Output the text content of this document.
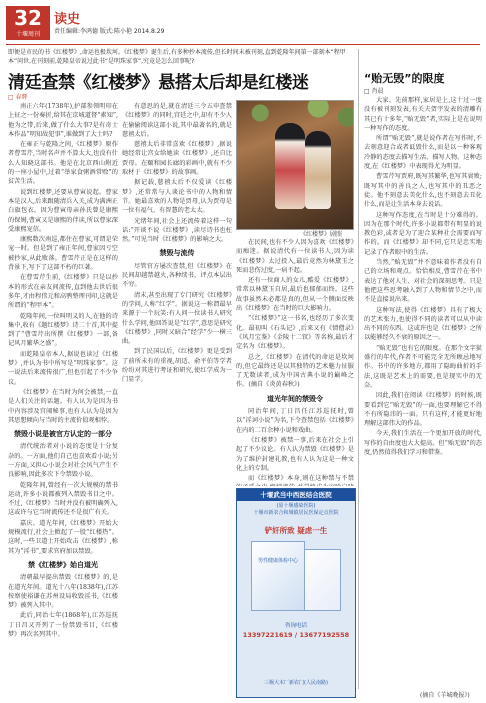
32
十堰周刊
读史
责任编辑:李鸿德 版式:陈小艳 2014.8.29
即便是市民的书《红楼梦》,命运也极坎坷。《红楼梦》诞生后,有多种抄本流传,但长时间未被刊刻,直到乾隆年间第一部刻本“程甲本”问世,在刊刻前,乾隆皇帝说过此书“是明珠家事”,究竟是怎么回事呢?
清廷查禁《红楼梦》悬搭太后却是红楼迷
□ 春辉

南正六年(1738年),护部参领明印在上征之一份奏折,给其在京城道督“素知”,他为之带,后来,做了什么大事?是有奇士本作品“明知故犯事”,谁做到了大士吗?

在雍正与乾隆之间,《红楼梦》原作者曹雪芹,当时名声并不算太大,也没有什么人知晓这部书。他是在北京西山附近的一座小屋中,过着“举家食粥酒常赊”的贫苦生活。

说到红楼梦,还要从曹寅说起。曹家本是汉人,后来跟随清兵入关,成为满洲正白旗包衣。因为曹寅母亲孙氏曾是康熙的保姆,曹寅又是康熙的伴读,所以曹家深受康熙宠信。

康熙数次南巡,都住在曹家,可谓是荣宠一时。但是到了雍正年间,曹家因亏空被抄家,从此败落。曹雪芹正是在这样的背景下,写下了这部不朽的巨著。

在曹雪芹生前,《红楼梦》只是以抄本的形式在亲友间流传,直到他去世后很多年,才由程伟元和高鹗整理刊印,这就是所谓的“程甲本”。

乾隆年间,一位叫明义的人,在他的诗集中,收有《题红楼梦》诗二十首,其中提到了“曹雪芹出所撰《红楼梦》一部,备记风月繁华之盛”。

而乾隆皇帝本人,据说也读过《红楼梦》,并认为书中所写是“明珠家事”。这一说法后来流传很广,但也引起了不少争议。

《红楼梦》在当时为何会被禁,一直是人们关注的话题。有人认为是因为书中内容涉及宫闱秘事,也有人认为是因为其思想倾向与当时的主流价值观相悖。

禁毁小说是被官方认定的一部分

清代统治者对小说的态度是十分复杂的。一方面,他们自己也喜欢看小说;另一方面,又担心小说会对社会风气产生不良影响,因此多次下令禁毁小说。

乾隆年间,曾经有一次大规模的禁书运动,许多小说都被列入禁毁书目之中。不过,《红楼梦》当时并没有被明确列入,这或许与它当时流传还不是很广有关。

嘉庆、道光年间,《红楼梦》开始大规模流行,社会上掀起了一股“红楼热”。这时,一些卫道士开始攻击《红楼梦》,称其为“淫书”,要求官府加以禁毁。

禁《红楼梦》始自道光

清朝最早提出禁毁《红楼梦》的,是在道光年间。道光十八年(1838年),江苏按察使裕谦在苏州设局收毁淫书,《红楼梦》被列入其中。

此后,同治七年(1868年),江苏巡抚丁日昌又开列了一份禁毁书目,《红楼梦》再次名列其中。

有意思的是,就在清廷三令五申查禁《红楼梦》的同时,宫廷之中,却有不少人在偷偷阅读这部小说,其中最著名的,就是慈禧太后。

慈禧太后非常喜欢《红楼梦》,据说她经常让宫女给她读《红楼梦》,还自比贾母。在颐和园长廊的彩画中,就有不少取材于《红楼梦》的故事画。

据记载,慈禧太后不仅爱读《红楼梦》,还常常与人谈论书中的人物和情节。她最喜欢的人物是贾母,认为贾母是一位有福气、有智慧的老太太。

光绪年间,社会上还流传着这样一句话:“开谈不说《红楼梦》,读尽诗书也枉然。”可见当时《红楼梦》的影响之大。

禁毁与流传

尽管官方屡次查禁,但《红楼梦》在民间却越禁越火,各种续书、评点本层出不穷。

清末,甚至出现了专门研究《红楼梦》的学问,人称“红学”。据说这一称谓最早来源于一个玩笑:有人问一位读书人研究什么学问,他回答说是“红学”,意思是研究《红楼梦》,同时又暗合“经学”少一横三曲。

到了民国以后,《红楼梦》更是受到了前所未有的重视,胡适、俞平伯等学者纷纷对其进行考证和研究,使红学成为一门显学。

《红楼梦》剧照

在民间,也有不少人因为喜欢《红楼梦》而痴迷。据说清代有一位读书人,因为读《红楼梦》太过投入,最后竟然为林黛玉之死而悲伤过度,一病不起。

还有一位商人的女儿,酷爱《红楼梦》,常常以林黛玉自居,最后也郁郁而终。这些故事虽然未必都是真的,但从一个侧面反映出《红楼梦》在当时的巨大影响力。

“《红楼梦》”这一书名,也经历了多次变化。最初叫《石头记》,后来又有《情僧录》《风月宝鉴》《金陵十二钗》等名称,最后才定名为《红楼梦》。

总之,《红楼梦》在清代的命运是坎坷的,但它最终还是以其独特的艺术魅力征服了无数读者,成为中国古典小说的巅峰之作。(摘自《炎黄春秋》)

道光年间的禁毁令

同治年间,丁日昌任江苏巡抚时,曾以“淫词小说”为名,下令查禁包括《红楼梦》在内的二百余种小说和戏曲。

《红楼梦》被禁一事,后来在社会上引起了不少议论。有人认为禁毁《红楼梦》是为了维护封建礼教,也有人认为这是一种文化上的专制。

而《红楼梦》本身,则在这种禁与不禁

十堰武当中西医结合医院
(原十堰感染医院)
十堰市新农合和城镇居民医保定点医院
铲奸所致 疑虑一生
男性健康体检中心
咨询电话
13397221619 / 13677192558
三堰大木厂新农门(人民南路)
“贻无毁”的限度
□ 肖晨

大家、先前那样,家居是上,这十过一度没有被刊刻发表,有关夫贺宇发表的清雕有其已有十多年,“贻无毁”者,实际上是在说明一种写作的态度。

所谓“贻无毁”,就是说作者在写作时,不去刻意迎合或者诋毁什么,而是以一种客观冷静的态度去描写生活、描写人物。这种态度,在《红楼梦》中表现得尤为明显。

曹雪芹写贾府,既写其繁华,也写其衰败;既写其中的善良之人,也写其中的丑恶之徒。他不刻意去美化什么,也不刻意去丑化什么,而是让生活本身去说话。

这种写作态度,在当时是十分难得的。因为在那个时代,许多小说都带有明显的说教色彩,或者是为了迎合某种社会需要而写作的。而《红楼梦》却不同,它只是忠实地记录了作者眼中的生活。

当然,“贻无毁”并不意味着作者没有自己的立场和观点。恰恰相反,曹雪芹在书中表达了他对人生、对社会的深刻思考。只是他把这些思考融入到了人物和情节之中,而不是直接说出来。

这种写法,使得《红楼梦》具有了极大的艺术张力,也使得不同的读者可以从中读出不同的东西。这或许也是《红楼梦》之所以能够经久不衰的原因之一。

“贻无毁”也有它的限度。在那个文字狱盛行的年代,作者不可能完全无所顾忌地写作。书中的许多地方,都用了隐晦曲折的手法,这既是艺术上的需要,也是现实中的无奈。

因此,我们在阅读《红楼梦》的时候,既要看到它“贻无毁”的一面,也要理解它不得不有所隐讳的一面。只有这样,才能更好地理解这部伟大的作品。

今天,我们生活在一个更加开放的时代,写作的自由度也大大提高。但“贻无毁”的态度,仍然值得我们学习和借鉴。

(摘自《羊城晚报》)
